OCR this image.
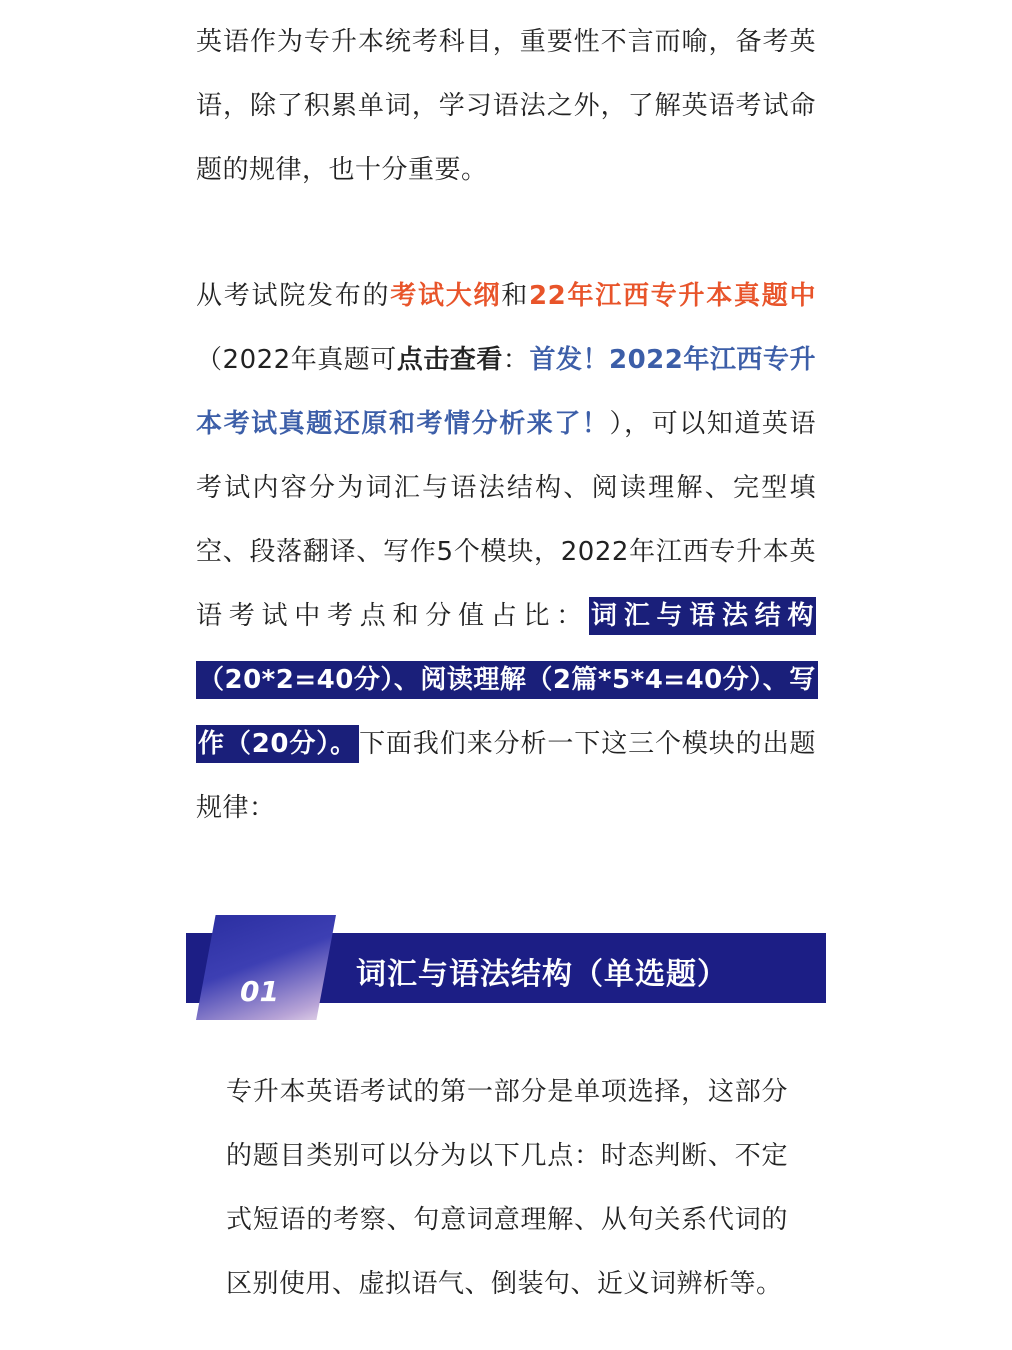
英语作为专升本统考科目，重要性不言而喻，备考英语，除了积累单词，学习语法之外，了解英语考试命题的规律，也十分重要。
从考试院发布的考试大纲和22年江西专升本真题中（2022年真题可点击查看：首发！2022年江西专升本考试真题还原和考情分析来了！），可以知道英语考试内容分为词汇与语法结构、阅读理解、完型填空、段落翻译、写作5个模块，2022年江西专升本英语考试中考点和分值占比：词汇与语法结构（20*2=40分）、阅读理解（2篇*5*4=40分）、写作（20分）。下面我们来分析一下这三个模块的出题规律：
01	词汇与语法结构（单选题）
专升本英语考试的第一部分是单项选择，这部分的题目类别可以分为以下几点：时态判断、不定式短语的考察、句意词意理解、从句关系代词的区别使用、虚拟语气、倒装句、近义词辨析等。
